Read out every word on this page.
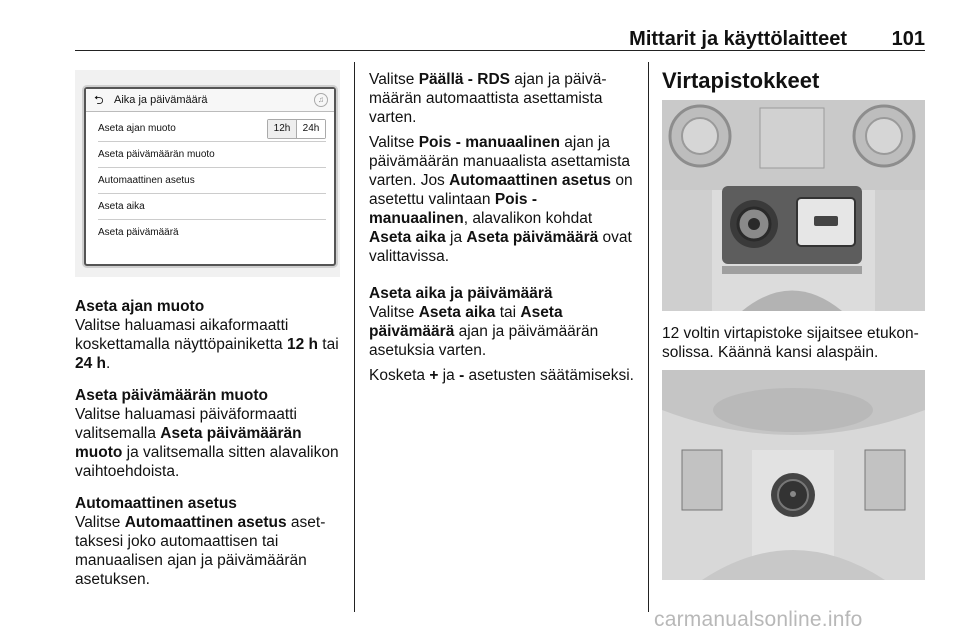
Mittarit ja käyttölaitteet 101
⮌ Aika ja päivämäärä	♫
Aseta ajan muoto	12h	24h
Aseta päivämäärän muoto
Automaattinen asetus
Aseta aika
Aseta päivämäärä
Aseta ajan muoto

Valitse haluamasi aikaformaatti koskettamalla näyttöpainiketta 12 h tai 24 h.

Aseta päivämäärän muoto

Valitse haluamasi päiväformaatti valitsemalla Aseta päivämäärän muoto ja valitsemalla sitten alavalikon vaihtoehdoista.

Automaattinen asetus

Valitse Automaattinen asetus asettaksesi joko automaattisen tai manuaalisen ajan ja päivämäärän asetuksen.

Valitse Päällä - RDS ajan ja päivämäärän automaattista asettamista varten.

Valitse Pois - manuaalinen ajan ja päivämäärän manuaalista asettamista varten. Jos Automaattinen asetus on asetettu valintaan Pois - manuaalinen, alavalikon kohdat Aseta aika ja Aseta päivämäärä ovat valittavissa.

Aseta aika ja päivämäärä

Valitse Aseta aika tai Aseta päivämäärä ajan ja päivämäärän asetuksia varten.

Kosketa + ja - asetusten säätämiseksi.

Virtapistokkeet

12 voltin virtapistoke sijaitsee etukonsolissa. Käännä kansi alaspäin.

carmanualsonline.info
